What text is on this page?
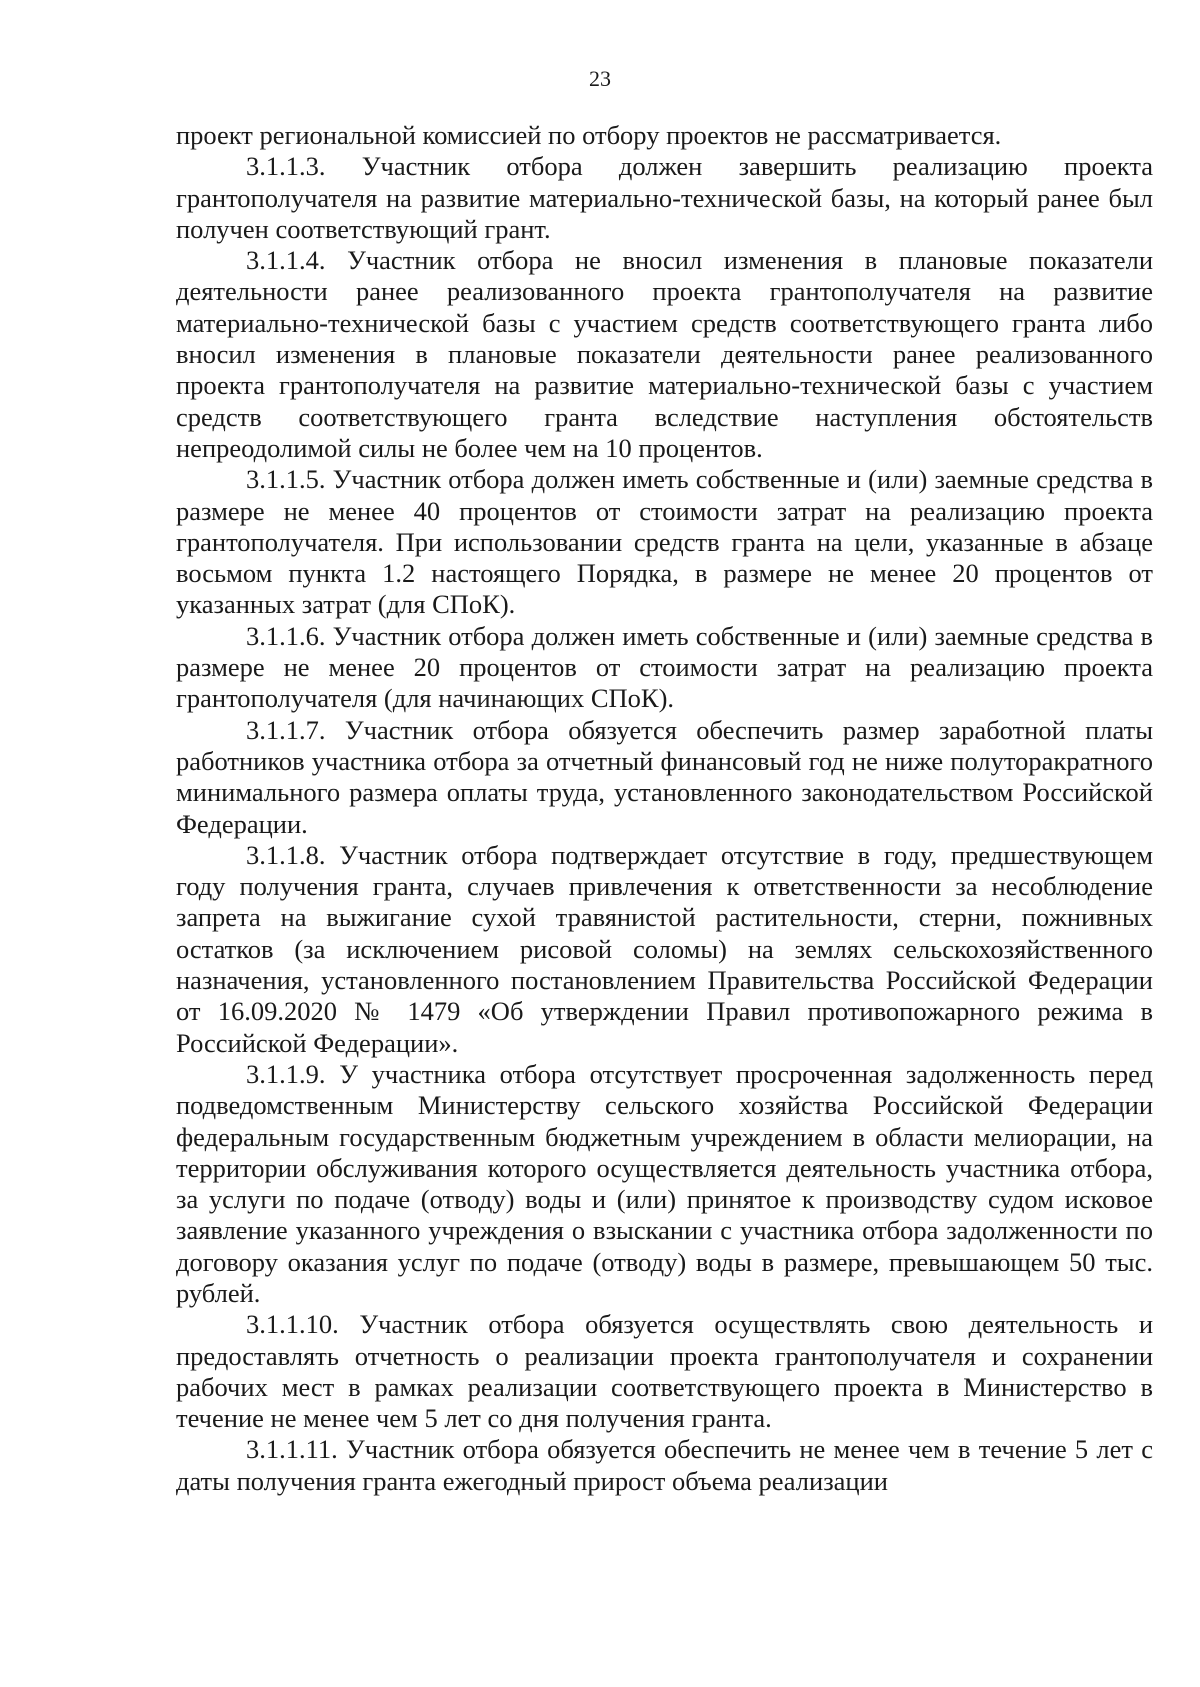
23

проект региональной комиссией по отбору проектов не рассматривается.

3.1.1.3. Участник отбора должен завершить реализацию проекта грантополучателя на развитие материально-технической базы, на который ранее был получен соответствующий грант.

3.1.1.4. Участник отбора не вносил изменения в плановые показатели деятельности ранее реализованного проекта грантополучателя на развитие материально-технической базы с участием средств соответствующего гранта либо вносил изменения в плановые показатели деятельности ранее реализованного проекта грантополучателя на развитие материально-технической базы с участием средств соответствующего гранта вследствие наступления обстоятельств непреодолимой силы не более чем на 10 процентов.

3.1.1.5. Участник отбора должен иметь собственные и (или) заемные средства в размере не менее 40 процентов от стоимости затрат на реализацию проекта грантополучателя. При использовании средств гранта на цели, указанные в абзаце восьмом пункта 1.2 настоящего Порядка, в размере не менее 20 процентов от указанных затрат (для СПоК).

3.1.1.6. Участник отбора должен иметь собственные и (или) заемные средства в размере не менее 20 процентов от стоимости затрат на реализацию проекта грантополучателя (для начинающих СПоК).

3.1.1.7. Участник отбора обязуется обеспечить размер заработной платы работников участника отбора за отчетный финансовый год не ниже полуторакратного минимального размера оплаты труда, установленного законодательством Российской Федерации.

3.1.1.8. Участник отбора подтверждает отсутствие в году, предшествующем году получения гранта, случаев привлечения к ответственности за несоблюдение запрета на выжигание сухой травянистой растительности, стерни, пожнивных остатков (за исключением рисовой соломы) на землях сельскохозяйственного назначения, установленного постановлением Правительства Российской Федерации от 16.09.2020 № 1479 «Об утверждении Правил противопожарного режима в Российской Федерации».

3.1.1.9. У участника отбора отсутствует просроченная задолженность перед подведомственным Министерству сельского хозяйства Российской Федерации федеральным государственным бюджетным учреждением в области мелиорации, на территории обслуживания которого осуществляется деятельность участника отбора, за услуги по подаче (отводу) воды и (или) принятое к производству судом исковое заявление указанного учреждения о взыскании с участника отбора задолженности по договору оказания услуг по подаче (отводу) воды в размере, превышающем 50 тыс. рублей.

3.1.1.10. Участник отбора обязуется осуществлять свою деятельность и предоставлять отчетность о реализации проекта грантополучателя и сохранении рабочих мест в рамках реализации соответствующего проекта в Министерство в течение не менее чем 5 лет со дня получения гранта.

3.1.1.11. Участник отбора обязуется обеспечить не менее чем в течение 5 лет с даты получения гранта ежегодный прирост объема реализации
